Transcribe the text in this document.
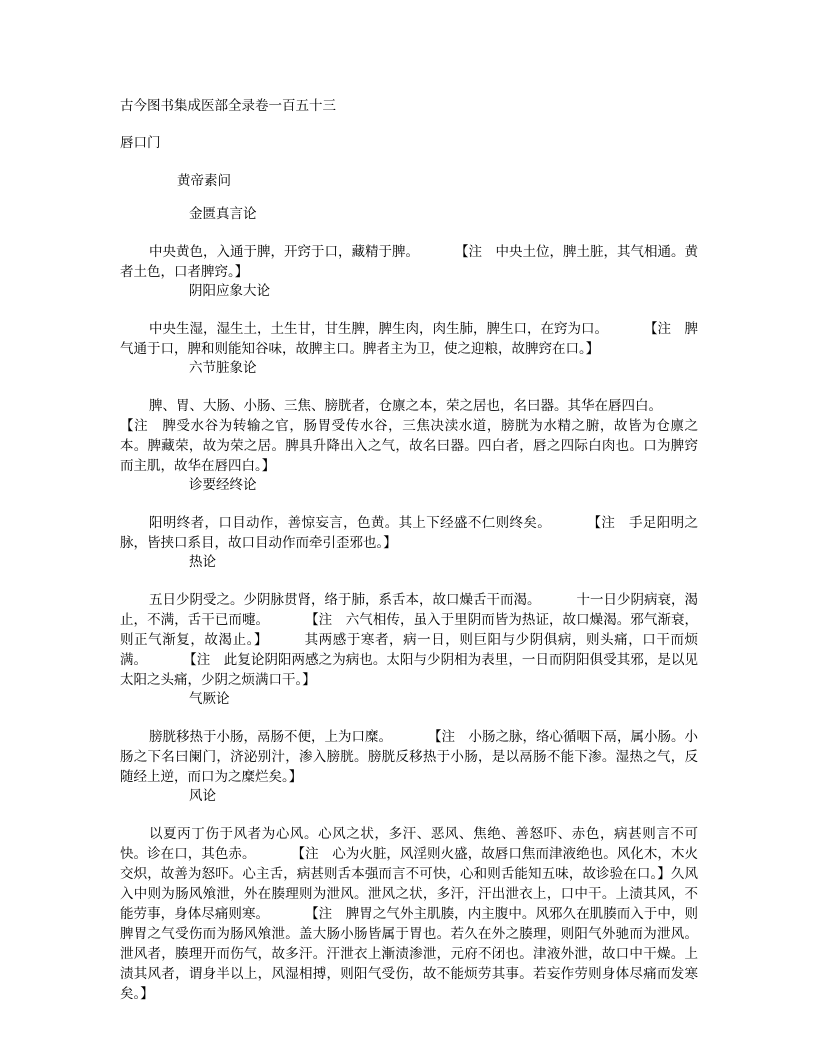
古今图书集成医部全录卷一百五十三
唇口门
黄帝素问

金匮真言论

中央黄色，入通于脾，开窍于口，藏精于脾。	【注　中央土位，脾土脏，其气相通。黄者土色，口者脾窍。】

阴阳应象大论

中央生湿，湿生土，土生甘，甘生脾，脾生肉，肉生肺，脾生口，在窍为口。	【注　脾气通于口，脾和则能知谷味，故脾主口。脾者主为卫，使之迎粮，故脾窍在口。】

六节脏象论

脾、胃、大肠、小肠、三焦、膀胱者，仓廪之本，荣之居也，名曰器。其华在唇四白。【注　脾受水谷为转输之官，肠胃受传水谷，三焦决渎水道，膀胱为水精之腑，故皆为仓廪之本。脾藏荣，故为荣之居。脾具升降出入之气，故名曰器。四白者，唇之四际白肉也。口为脾窍而主肌，故华在唇四白。】

诊要经终论

阳明终者，口目动作，善惊妄言，色黄。其上下经盛不仁则终矣。	【注　手足阳明之脉，皆挟口系目，故口目动作而牵引歪邪也。】

热论

五日少阴受之。少阴脉贯肾，络于肺，系舌本，故口燥舌干而渴。	十一日少阴病衰，渴止，不满，舌干已而嚏。	【注　六气相传，虽入于里阴而皆为热证，故口燥渴。邪气渐衰，则正气渐复，故渴止。】	其两感于寒者，病一日，则巨阳与少阴俱病，则头痛，口干而烦满。	【注　此复论阴阳两感之为病也。太阳与少阴相为表里，一日而阴阳俱受其邪，是以见太阳之头痛，少阴之烦满口干。】

气厥论

膀胱移热于小肠，鬲肠不便，上为口糜。	【注　小肠之脉，络心循咽下鬲，属小肠。小肠之下名曰阑门，济泌别汁，渗入膀胱。膀胱反移热于小肠，是以鬲肠不能下渗。湿热之气，反随经上逆，而口为之糜烂矣。】

风论

以夏丙丁伤于风者为心风。心风之状，多汗、恶风、焦绝、善怒吓、赤色，病甚则言不可快。诊在口，其色赤。	【注　心为火脏，风淫则火盛，故唇口焦而津液绝也。风化木，木火交炽，故善为怒吓。心主舌，病甚则舌本强而言不可快，心和则舌能知五味，故诊验在口。】久风入中则为肠风飧泄，外在腠理则为泄风。泄风之状，多汗，汗出泄衣上，口中干。上渍其风，不能劳事，身体尽痛则寒。	【注　脾胃之气外主肌腠，内主腹中。风邪久在肌腠而入于中，则脾胃之气受伤而为肠风飧泄。盖大肠小肠皆属于胃也。若久在外之腠理，则阳气外驰而为泄风。泄风者，腠理开而伤气，故多汗。汗泄衣上漸渍渗泄，元府不闭也。津液外泄，故口中干燥。上渍其风者，谓身半以上，风湿相搏，则阳气受伤，故不能烦劳其事。若妄作劳则身体尽痛而发寒矣。】
